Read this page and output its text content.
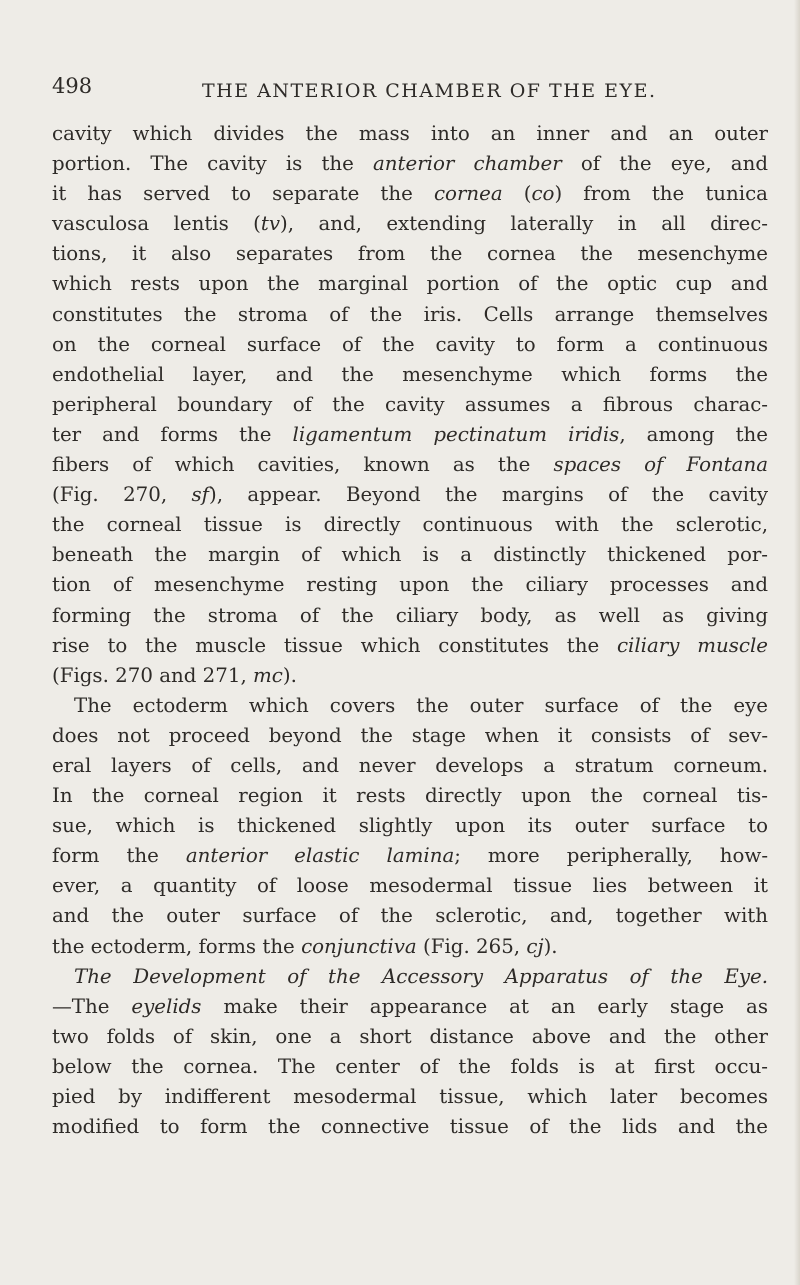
498	THE ANTERIOR CHAMBER OF THE EYE.
cavity which divides the mass into an inner and an outer
portion. The cavity is the anterior chamber of the eye, and
it has served to separate the cornea (co) from the tunica
vasculosa lentis (tv), and, extending laterally in all direc-
tions, it also separates from the cornea the mesenchyme
which rests upon the marginal portion of the optic cup and
constitutes the stroma of the iris. Cells arrange themselves
on the corneal surface of the cavity to form a continuous
endothelial layer, and the mesenchyme which forms the
peripheral boundary of the cavity assumes a fibrous charac-
ter and forms the ligamentum pectinatum iridis, among the
fibers of which cavities, known as the spaces of Fontana
(Fig. 270, sf), appear. Beyond the margins of the cavity
the corneal tissue is directly continuous with the sclerotic,
beneath the margin of which is a distinctly thickened por-
tion of mesenchyme resting upon the ciliary processes and
forming the stroma of the ciliary body, as well as giving
rise to the muscle tissue which constitutes the ciliary muscle
(Figs. 270 and 271, mc).
The ectoderm which covers the outer surface of the eye
does not proceed beyond the stage when it consists of sev-
eral layers of cells, and never develops a stratum corneum.
In the corneal region it rests directly upon the corneal tis-
sue, which is thickened slightly upon its outer surface to
form the anterior elastic lamina; more peripherally, how-
ever, a quantity of loose mesodermal tissue lies between it
and the outer surface of the sclerotic, and, together with
the ectoderm, forms the conjunctiva (Fig. 265, cj).
The Development of the Accessory Apparatus of the Eye.
—The eyelids make their appearance at an early stage as
two folds of skin, one a short distance above and the other
below the cornea. The center of the folds is at first occu-
pied by indifferent mesodermal tissue, which later becomes
modified to form the connective tissue of the lids and the
